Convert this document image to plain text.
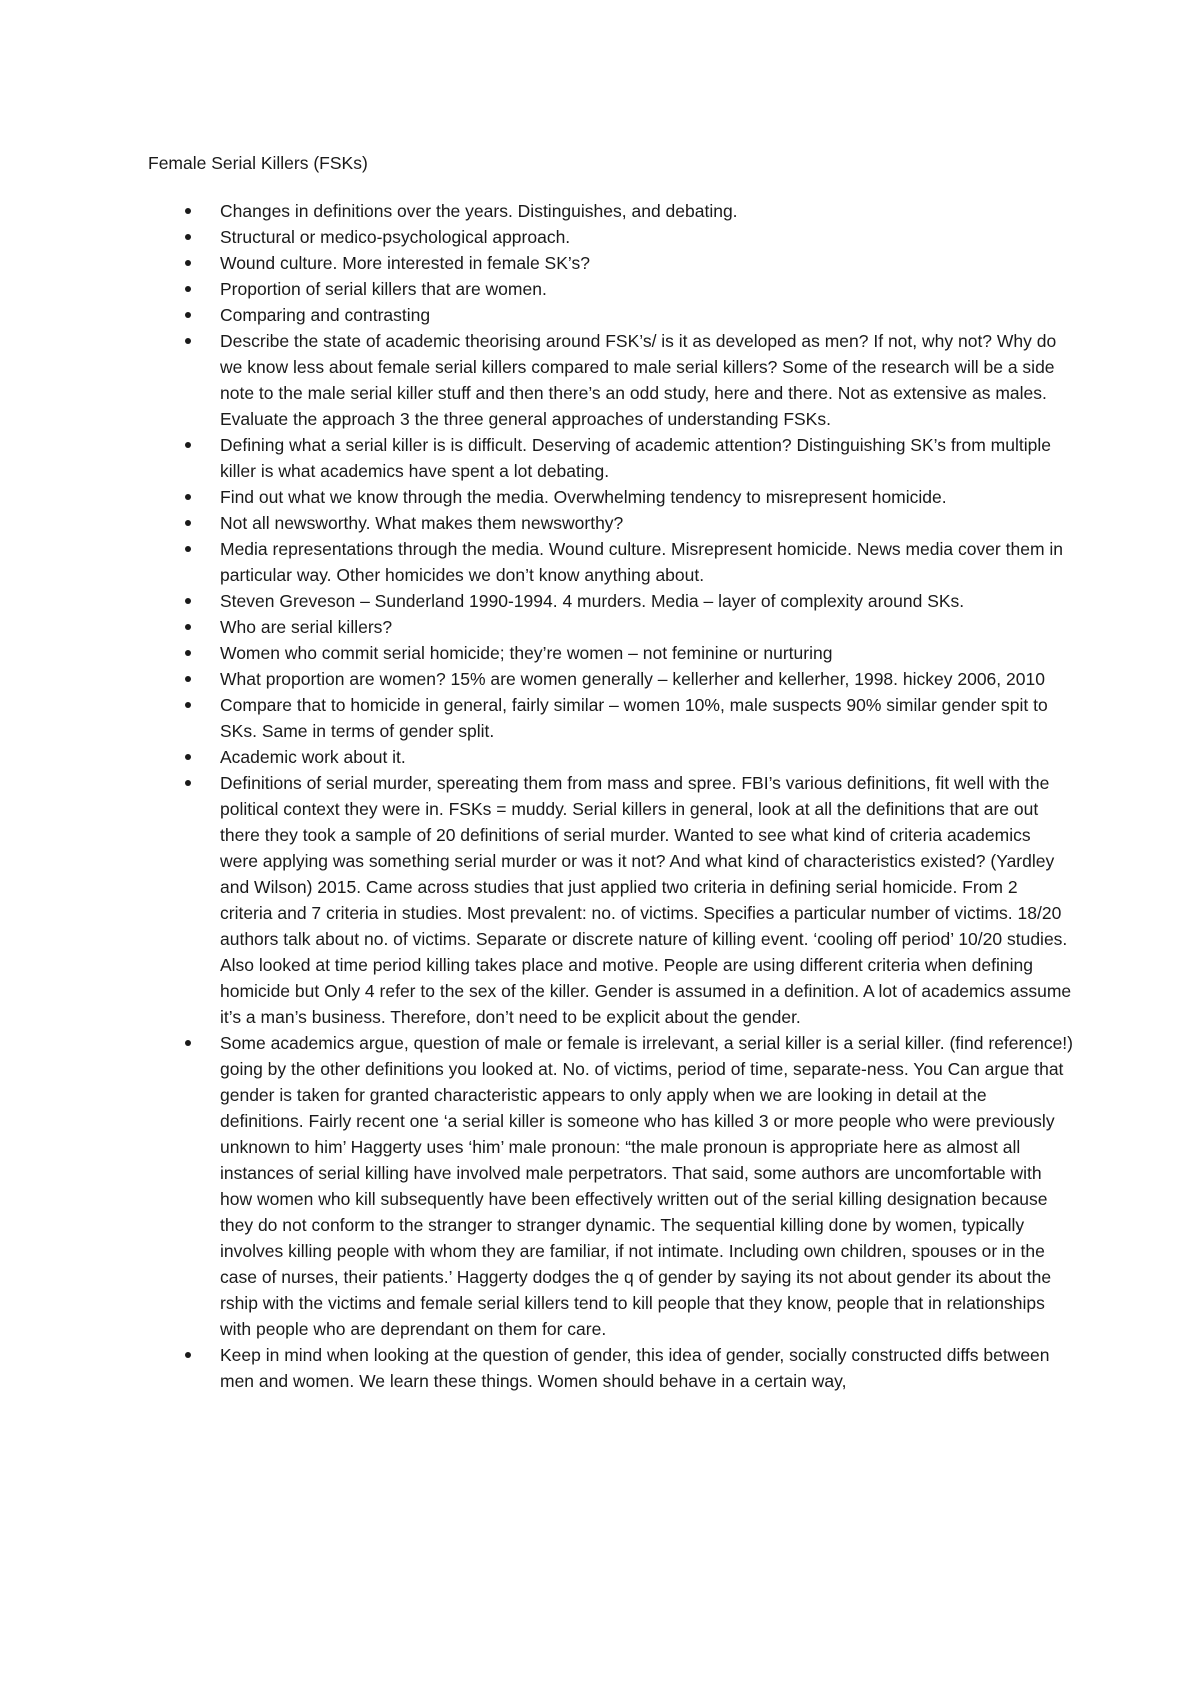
Female Serial Killers (FSKs)
Changes in definitions over the years. Distinguishes, and debating.
Structural or medico-psychological approach.
Wound culture. More interested in female SK’s?
Proportion of serial killers that are women.
Comparing and contrasting
Describe the state of academic theorising around FSK’s/ is it as developed as men? If not, why not? Why do we know less about female serial killers compared to male serial killers? Some of the research will be a side note to the male serial killer stuff and then there’s an odd study, here and there. Not as extensive as males. Evaluate the approach 3 the three general approaches of understanding FSKs.
Defining what a serial killer is is difficult. Deserving of academic attention? Distinguishing SK’s from multiple killer is what academics have spent a lot debating.
Find out what we know through the media. Overwhelming tendency to misrepresent homicide.
Not all newsworthy. What makes them newsworthy?
Media representations through the media. Wound culture. Misrepresent homicide. News media cover them in particular way. Other homicides we don’t know anything about.
Steven Greveson – Sunderland 1990-1994. 4 murders. Media – layer of complexity around SKs.
Who are serial killers?
Women who commit serial homicide; they’re women – not feminine or nurturing
What proportion are women? 15% are women generally – kellerher and kellerher, 1998. hickey 2006, 2010
Compare that to homicide in general, fairly similar – women 10%, male suspects 90% similar gender spit to SKs. Same in terms of gender split.
Academic work about it.
Definitions of serial murder, spereating them from mass and spree. FBI’s various definitions, fit well with the political context they were in. FSKs = muddy. Serial killers in general, look at all the definitions that are out there they took a sample of 20 definitions of serial murder. Wanted to see what kind of criteria academics were applying was something serial murder or was it not? And what kind of characteristics existed? (Yardley and Wilson) 2015. Came across studies that just applied two criteria in defining serial homicide. From 2 criteria and 7 criteria in studies. Most prevalent: no. of victims. Specifies a particular number of victims. 18/20 authors talk about no. of victims. Separate or discrete nature of killing event. ‘cooling off period’ 10/20 studies. Also looked at time period killing takes place and motive. People are using different criteria when defining homicide but Only 4 refer to the sex of the killer. Gender is assumed in a definition. A lot of academics assume it’s a man’s business. Therefore, don’t need to be explicit about the gender.
Some academics argue, question of male or female is irrelevant, a serial killer is a serial killer. (find reference!) going by the other definitions you looked at. No. of victims, period of time, separate-ness. You Can argue that gender is taken for granted characteristic appears to only apply when we are looking in detail at the definitions. Fairly recent one ‘a serial killer is someone who has killed 3 or more people who were previously unknown to him’ Haggerty uses ‘him’ male pronoun: “the male pronoun is appropriate here as almost all instances of serial killing have involved male perpetrators. That said, some authors are uncomfortable with how women who kill subsequently have been effectively written out of the serial killing designation because they do not conform to the stranger to stranger dynamic. The sequential killing done by women, typically involves killing people with whom they are familiar, if not intimate. Including own children, spouses or in the case of nurses, their patients.’ Haggerty dodges the q of gender by saying its not about gender its about the rship with the victims and female serial killers tend to kill people that they know, people that in relationships with people who are deprendant on them for care.
Keep in mind when looking at the question of gender, this idea of gender, socially constructed diffs between men and women. We learn these things. Women should behave in a certain way,
